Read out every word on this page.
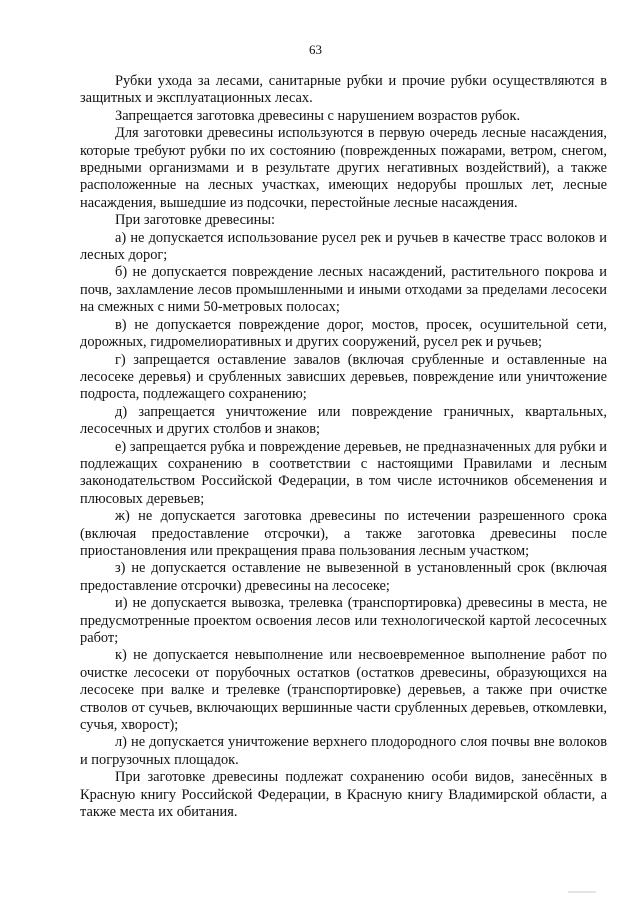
63

Рубки ухода за лесами, санитарные рубки и прочие рубки осуществляются в защитных и эксплуатационных лесах.

Запрещается заготовка древесины с нарушением возрастов рубок.

Для заготовки древесины используются в первую очередь лесные насаждения, которые требуют рубки по их состоянию (поврежденных пожарами, ветром, снегом, вредными организмами и в результате других негативных воздействий), а также расположенные на лесных участках, имеющих недорубы прошлых лет, лесные насаждения, вышедшие из подсочки, перестойные лесные насаждения.

При заготовке древесины:

а) не допускается использование русел рек и ручьев в качестве трасс волоков и лесных дорог;

б) не допускается повреждение лесных насаждений, растительного покрова и почв, захламление лесов промышленными и иными отходами за пределами лесосеки на смежных с ними 50-метровых полосах;

в) не допускается повреждение дорог, мостов, просек, осушительной сети, дорожных, гидромелиоративных и других сооружений, русел рек и ручьев;

г) запрещается оставление завалов (включая срубленные и оставленные на лесосеке деревья) и срубленных зависших деревьев, повреждение или уничтожение подроста, подлежащего сохранению;

д) запрещается уничтожение или повреждение граничных, квартальных, лесосечных и других столбов и знаков;

е) запрещается рубка и повреждение деревьев, не предназначенных для рубки и подлежащих сохранению в соответствии с настоящими Правилами и лесным законодательством Российской Федерации, в том числе источников обсеменения и плюсовых деревьев;

ж) не допускается заготовка древесины по истечении разрешенного срока (включая предоставление отсрочки), а также заготовка древесины после приостановления или прекращения права пользования лесным участком;

з) не допускается оставление не вывезенной в установленный срок (включая предоставление отсрочки) древесины на лесосеке;

и) не допускается вывозка, трелевка (транспортировка) древесины в места, не предусмотренные проектом освоения лесов или технологической картой лесосечных работ;

к) не допускается невыполнение или несвоевременное выполнение работ по очистке лесосеки от порубочных остатков (остатков древесины, образующихся на лесосеке при валке и трелевке (транспортировке) деревьев, а также при очистке стволов от сучьев, включающих вершинные части срубленных деревьев, откомлевки, сучья, хворост);

л) не допускается уничтожение верхнего плодородного слоя почвы вне волоков и погрузочных площадок.

При заготовке древесины подлежат сохранению особи видов, занесённых в Красную книгу Российской Федерации, в Красную книгу Владимирской области, а также места их обитания.
